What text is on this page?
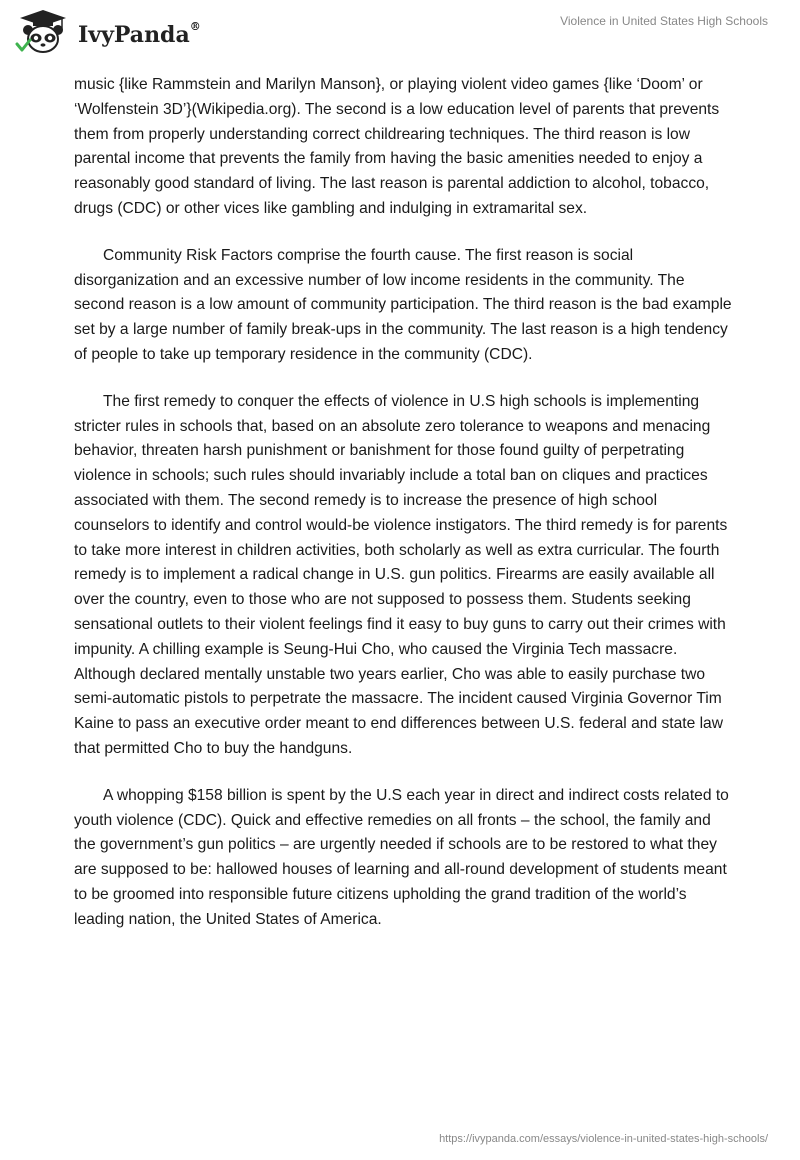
IvyPanda®	Violence in United States High Schools

music {like Rammstein and Marilyn Manson}, or playing violent video games {like ‘Doom’ or ‘Wolfenstein 3D’}(Wikipedia.org). The second is a low education level of parents that prevents them from properly understanding correct childrearing techniques. The third reason is low parental income that prevents the family from having the basic amenities needed to enjoy a reasonably good standard of living. The last reason is parental addiction to alcohol, tobacco, drugs (CDC) or other vices like gambling and indulging in extramarital sex.

Community Risk Factors comprise the fourth cause. The first reason is social disorganization and an excessive number of low income residents in the community. The second reason is a low amount of community participation. The third reason is the bad example set by a large number of family break-ups in the community. The last reason is a high tendency of people to take up temporary residence in the community (CDC).

The first remedy to conquer the effects of violence in U.S high schools is implementing stricter rules in schools that, based on an absolute zero tolerance to weapons and menacing behavior, threaten harsh punishment or banishment for those found guilty of perpetrating violence in schools; such rules should invariably include a total ban on cliques and practices associated with them. The second remedy is to increase the presence of high school counselors to identify and control would-be violence instigators. The third remedy is for parents to take more interest in children activities, both scholarly as well as extra curricular. The fourth remedy is to implement a radical change in U.S. gun politics. Firearms are easily available all over the country, even to those who are not supposed to possess them. Students seeking sensational outlets to their violent feelings find it easy to buy guns to carry out their crimes with impunity. A chilling example is Seung-Hui Cho, who caused the Virginia Tech massacre. Although declared mentally unstable two years earlier, Cho was able to easily purchase two semi-automatic pistols to perpetrate the massacre. The incident caused Virginia Governor Tim Kaine to pass an executive order meant to end differences between U.S. federal and state law that permitted Cho to buy the handguns.

A whopping $158 billion is spent by the U.S each year in direct and indirect costs related to youth violence (CDC). Quick and effective remedies on all fronts – the school, the family and the government’s gun politics – are urgently needed if schools are to be restored to what they are supposed to be: hallowed houses of learning and all-round development of students meant to be groomed into responsible future citizens upholding the grand tradition of the world’s leading nation, the United States of America.

https://ivypanda.com/essays/violence-in-united-states-high-schools/
